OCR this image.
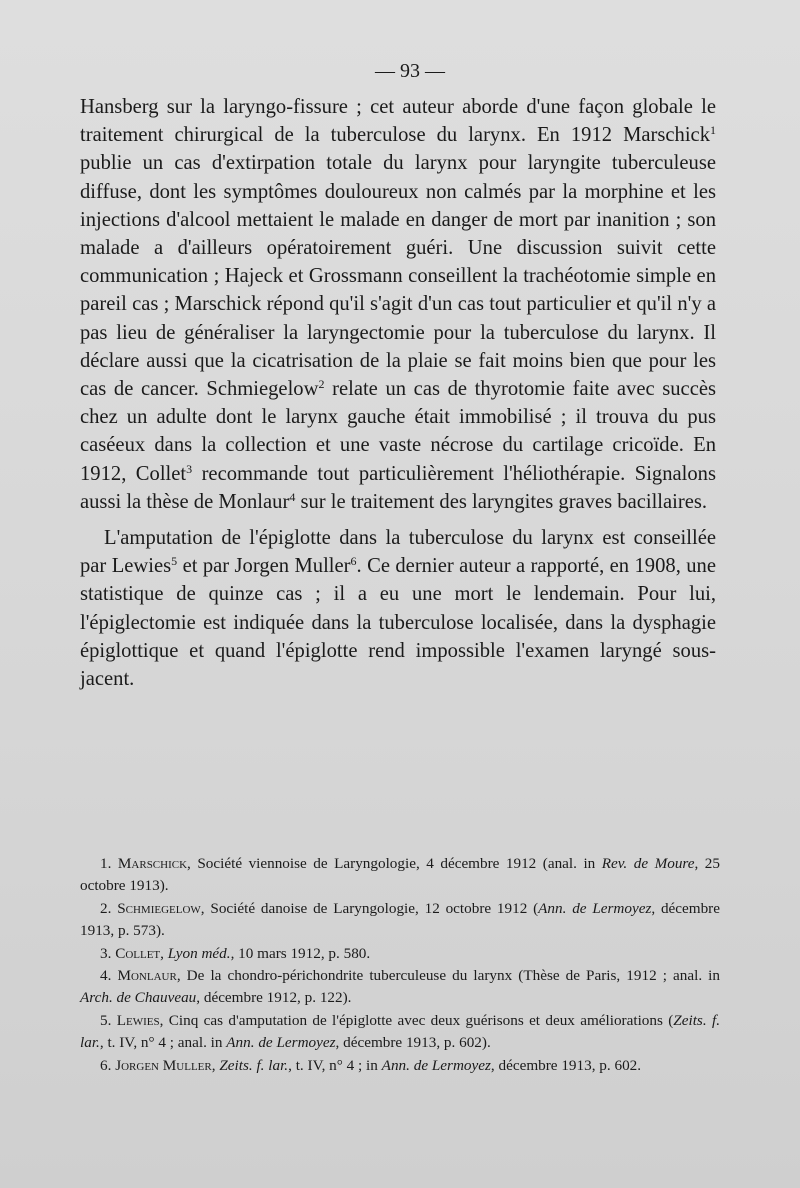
— 93 —

Hansberg sur la laryngo-fissure ; cet auteur aborde d'une façon globale le traitement chirurgical de la tuberculose du larynx. En 1912 Marschick$^1$ publie un cas d'extirpation totale du larynx pour laryngite tuberculeuse diffuse, dont les symptômes douloureux non calmés par la morphine et les injections d'alcool mettaient le malade en danger de mort par inanition ; son malade a d'ailleurs opératoirement guéri. Une discussion suivit cette communication ; Hajeck et Grossmann conseillent la trachéotomie simple en pareil cas ; Marschick répond qu'il s'agit d'un cas tout particulier et qu'il n'y a pas lieu de généraliser la laryngectomie pour la tuberculose du larynx. Il déclare aussi que la cicatrisation de la plaie se fait moins bien que pour les cas de cancer. Schmiegelow$^2$ relate un cas de thyrotomie faite avec succès chez un adulte dont le larynx gauche était immobilisé ; il trouva du pus caséeux dans la collection et une vaste nécrose du cartilage cricoïde. En 1912, Collet$^3$ recommande tout particulièrement l'héliothérapie. Signalons aussi la thèse de Monlaur$^4$ sur le traitement des laryngites graves bacillaires.

L'amputation de l'épiglotte dans la tuberculose du larynx est conseillée par Lewies$^5$ et par Jorgen Muller$^6$. Ce dernier auteur a rapporté, en 1908, une statistique de quinze cas ; il a eu une mort le lendemain. Pour lui, l'épiglectomie est indiquée dans la tuberculose localisée, dans la dysphagie épiglottique et quand l'épiglotte rend impossible l'examen laryngé sous-jacent.

1. Marschick, Société viennoise de Laryngologie, 4 décembre 1912 (anal. in Rev. de Moure, 25 octobre 1913).

2. Schmiegelow, Société danoise de Laryngologie, 12 octobre 1912 (Ann. de Lermoyez, décembre 1913, p. 573).

3. Collet, Lyon méd., 10 mars 1912, p. 580.

4. Monlaur, De la chondro-périchondrite tuberculeuse du larynx (Thèse de Paris, 1912 ; anal. in Arch. de Chauveau, décembre 1912, p. 122).

5. Lewies, Cinq cas d'amputation de l'épiglotte avec deux guérisons et deux améliorations (Zeits. f. lar., t. IV, n° 4 ; anal. in Ann. de Lermoyez, décembre 1913, p. 602).

6. Jorgen Muller, Zeits. f. lar., t. IV, n° 4 ; in Ann. de Lermoyez, décembre 1913, p. 602.
